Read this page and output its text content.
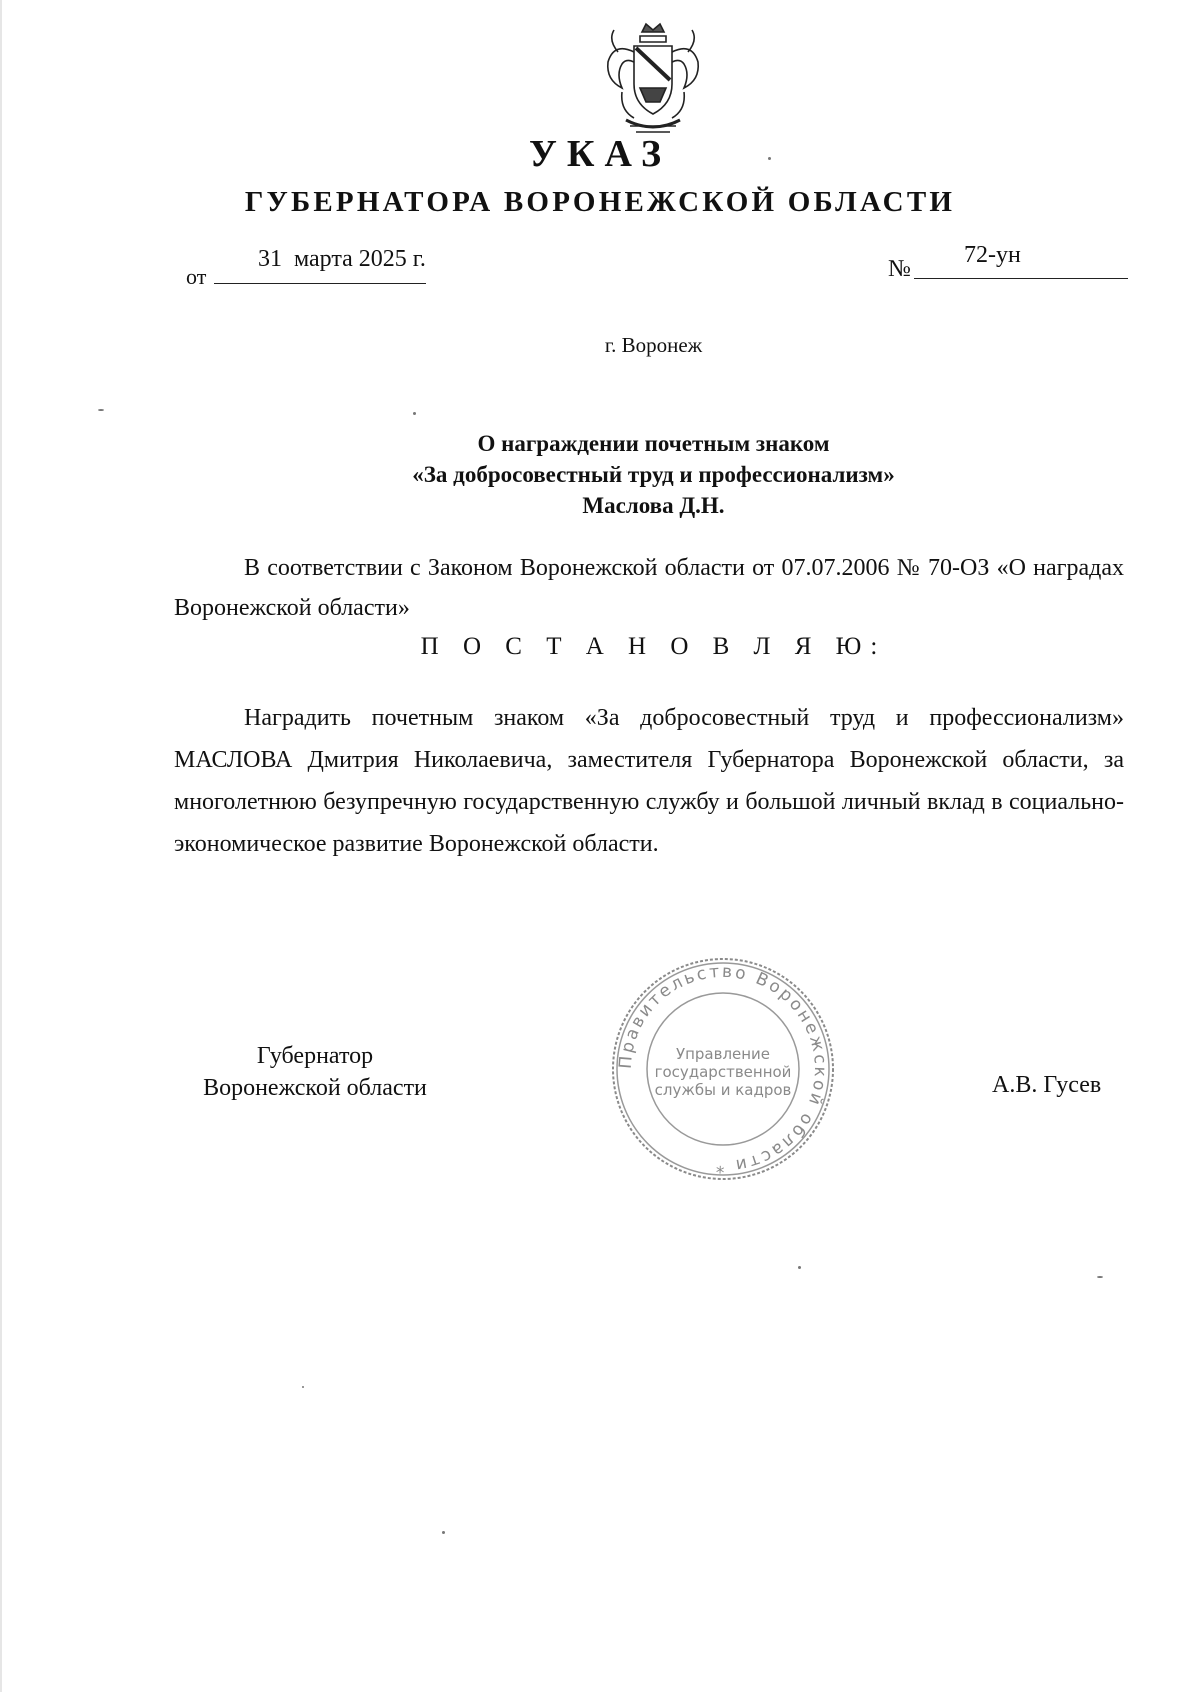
УКАЗ
ГУБЕРНАТОРА ВОРОНЕЖСКОЙ ОБЛАСТИ
от
31  марта 2025 г.	№
72-ун
г. Воронеж
О награждении почетным знаком
«За добросовестный труд и профессионализм»
Маслова Д.Н.
В соответствии с Законом Воронежской области от 07.07.2006 № 70-ОЗ «О наградах Воронежской области»
П О С Т А Н О В Л Я Ю:
Наградить почетным знаком «За добросовестный труд и профессионализм» МАСЛОВА Дмитрия Николаевича, заместителя Губернатора Воронежской области, за многолетнюю безупречную государственную службу и большой личный вклад в социально-экономическое развитие Воронежской области.
Губернатор
Воронежской области	А.В. Гусев
Правительство Воронежской области *
Управление
государственной
службы и кадров
